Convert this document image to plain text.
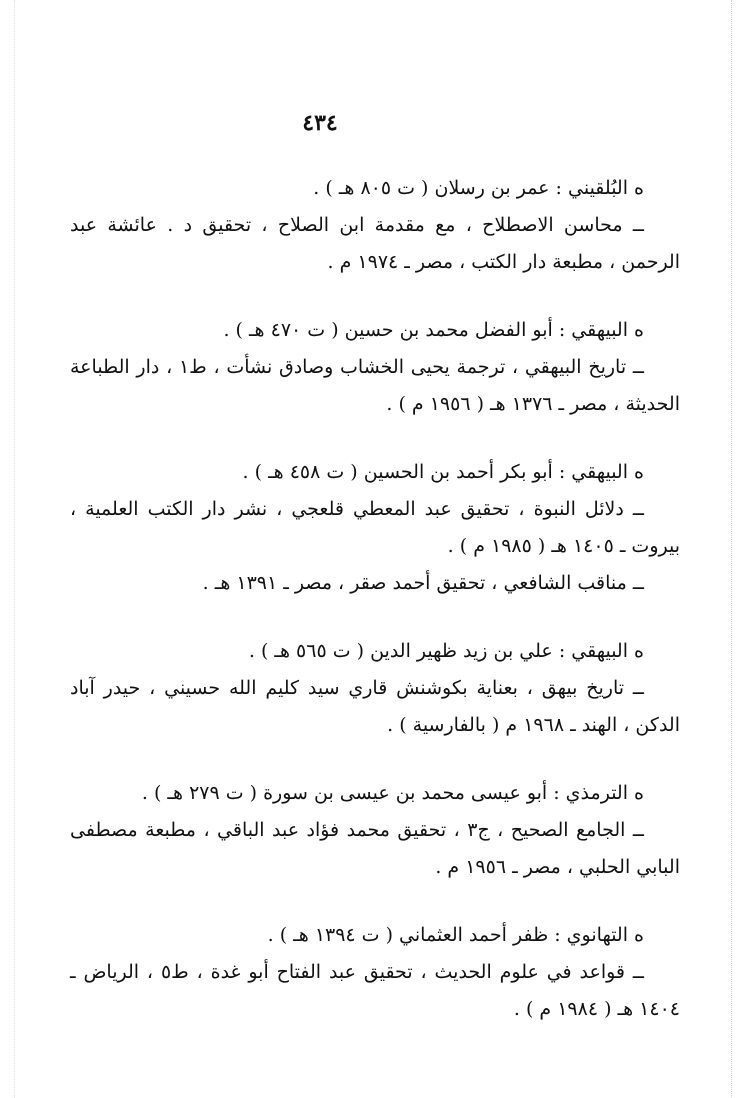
٤٣٤
ه البُلقيني : عمر بن رسلان ( ت ٨٠٥ هـ ) .
ــ محاسن الاصطلاح ، مع مقدمة ابن الصلاح ، تحقيق د . عائشة عبد
الرحمن ، مطبعة دار الكتب ، مصر ـ ١٩٧٤ م .
ه البيهقي : أبو الفضل محمد بن حسين ( ت ٤٧٠ هـ ) .
ــ تاريخ البيهقي ، ترجمة يحيى الخشاب وصادق نشأت ، ط١ ، دار الطباعة
الحديثة ، مصر ـ ١٣٧٦ هـ ( ١٩٥٦ م ) .
ه البيهقي : أبو بكر أحمد بن الحسين ( ت ٤٥٨ هـ ) .
ــ دلائل النبوة ، تحقيق عبد المعطي قلعجي ، نشر دار الكتب العلمية ،
بيروت ـ ١٤٠٥ هـ ( ١٩٨٥ م ) .
ــ مناقب الشافعي ، تحقيق أحمد صقر ، مصر ـ ١٣٩١ هـ .
ه البيهقي : علي بن زيد ظهير الدين ( ت ٥٦٥ هـ ) .
ــ تاريخ بيهق ، بعناية بكوشنش قاري سيد كليم الله حسيني ، حيدر آباد
الدكن ، الهند ـ ١٩٦٨ م ( بالفارسية ) .
ه الترمذي : أبو عيسى محمد بن عيسى بن سورة ( ت ٢٧٩ هـ ) .
ــ الجامع الصحيح ، ج٣ ، تحقيق محمد فؤاد عبد الباقي ، مطبعة مصطفى
البابي الحلبي ، مصر ـ ١٩٥٦ م .
ه التهانوي : ظفر أحمد العثماني ( ت ١٣٩٤ هـ ) .
ــ قواعد في علوم الحديث ، تحقيق عبد الفتاح أبو غدة ، ط٥ ، الرياض ـ
١٤٠٤ هـ ( ١٩٨٤ م ) .
